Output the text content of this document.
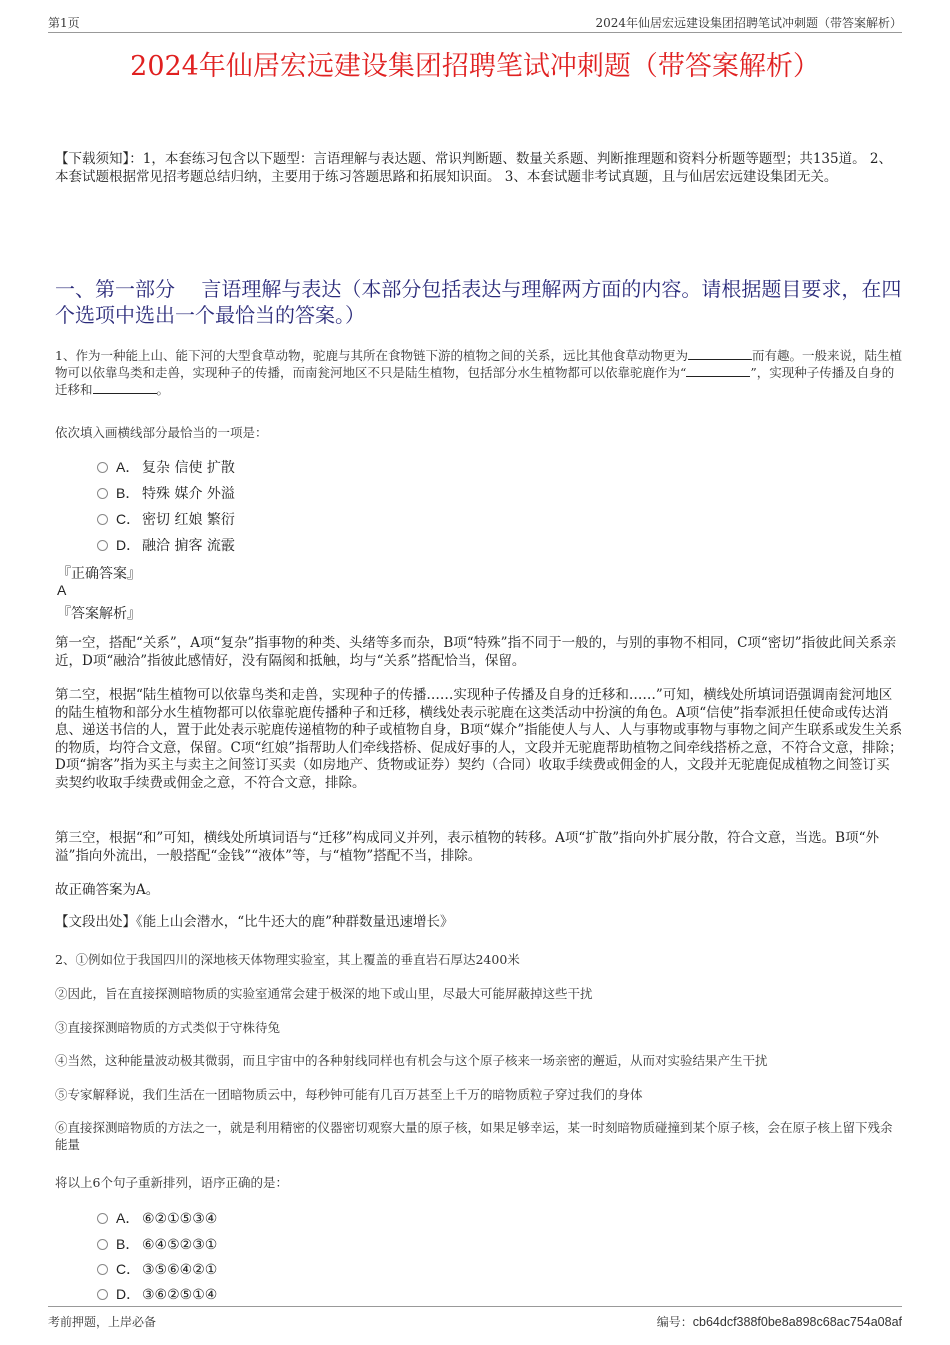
第1页	2024年仙居宏远建设集团招聘笔试冲刺题（带答案解析）
2024年仙居宏远建设集团招聘笔试冲刺题（带答案解析）
【下载须知】：1，本套练习包含以下题型：言语理解与表达题、常识判断题、数量关系题、判断推理题和资料分析题等题型；共135道。 2、本套试题根据常见招考题总结归纳，主要用于练习答题思路和拓展知识面。 3、本套试题非考试真题，且与仙居宏远建设集团无关。
一、第一部分　 言语理解与表达（本部分包括表达与理解两方面的内容。请根据题目要求，在四个选项中选出一个最恰当的答案。）
1、作为一种能上山、能下河的大型食草动物，驼鹿与其所在食物链下游的植物之间的关系，远比其他食草动物更为	而有趣。一般来说，陆生植物可以依靠鸟类和走兽，实现种子的传播，而南瓮河地区不只是陆生植物，包括部分水生植物都可以依靠驼鹿作为“	”，实现种子传播及自身的迁移和	。
依次填入画横线部分最恰当的一项是：
A． 复杂 信使 扩散
B． 特殊 媒介 外溢
C． 密切 红娘 繁衍
D． 融洽 掮客 流霰
『正确答案』
A
『答案解析』
第一空，搭配“关系”，A项“复杂”指事物的种类、头绪等多而杂，B项“特殊”指不同于一般的，与别的事物不相同，C项“密切”指彼此间关系亲近，D项“融洽”指彼此感情好，没有隔阂和抵触，均与“关系”搭配恰当，保留。
第二空，根据“陆生植物可以依靠鸟类和走兽，实现种子的传播……实现种子传播及自身的迁移和……”可知，横线处所填词语强调南瓮河地区的陆生植物和部分水生植物都可以依靠驼鹿传播种子和迁移，横线处表示驼鹿在这类活动中扮演的角色。A项“信使”指奉派担任使命或传达消息、递送书信的人，置于此处表示驼鹿传递植物的种子或植物自身，B项“媒介”指能使人与人、人与事物或事物与事物之间产生联系或发生关系的物质，均符合文意，保留。C项“红娘”指帮助人们牵线搭桥、促成好事的人，文段并无驼鹿帮助植物之间牵线搭桥之意，不符合文意，排除；D项“掮客”指为买主与卖主之间签订买卖（如房地产、货物或证券）契约（合同）收取手续费或佣金的人，文段并无驼鹿促成植物之间签订买卖契约收取手续费或佣金之意，不符合文意，排除。
第三空，根据“和”可知，横线处所填词语与“迁移”构成同义并列，表示植物的转移。A项“扩散”指向外扩展分散，符合文意，当选。B项“外溢”指向外流出，一般搭配“金钱”“液体”等，与“植物”搭配不当，排除。
故正确答案为A。
【文段出处】《能上山会潜水，“比牛还大的鹿”种群数量迅速增长》
2、①例如位于我国四川的深地核天体物理实验室，其上覆盖的垂直岩石厚达2400米
②因此，旨在直接探测暗物质的实验室通常会建于极深的地下或山里，尽最大可能屏蔽掉这些干扰
③直接探测暗物质的方式类似于守株待兔
④当然，这种能量波动极其微弱，而且宇宙中的各种射线同样也有机会与这个原子核来一场亲密的邂逅，从而对实验结果产生干扰
⑤专家解释说，我们生活在一团暗物质云中，每秒钟可能有几百万甚至上千万的暗物质粒子穿过我们的身体
⑥直接探测暗物质的方法之一，就是利用精密的仪器密切观察大量的原子核，如果足够幸运，某一时刻暗物质碰撞到某个原子核，会在原子核上留下残余能量
将以上6个句子重新排列，语序正确的是：
A． ⑥②①⑤③④
B． ⑥④⑤②③①
C． ③⑤⑥④②①
D． ③⑥②⑤①④
考前押题，上岸必备	编号：cb64dcf388f0be8a898c68ac754a08af
